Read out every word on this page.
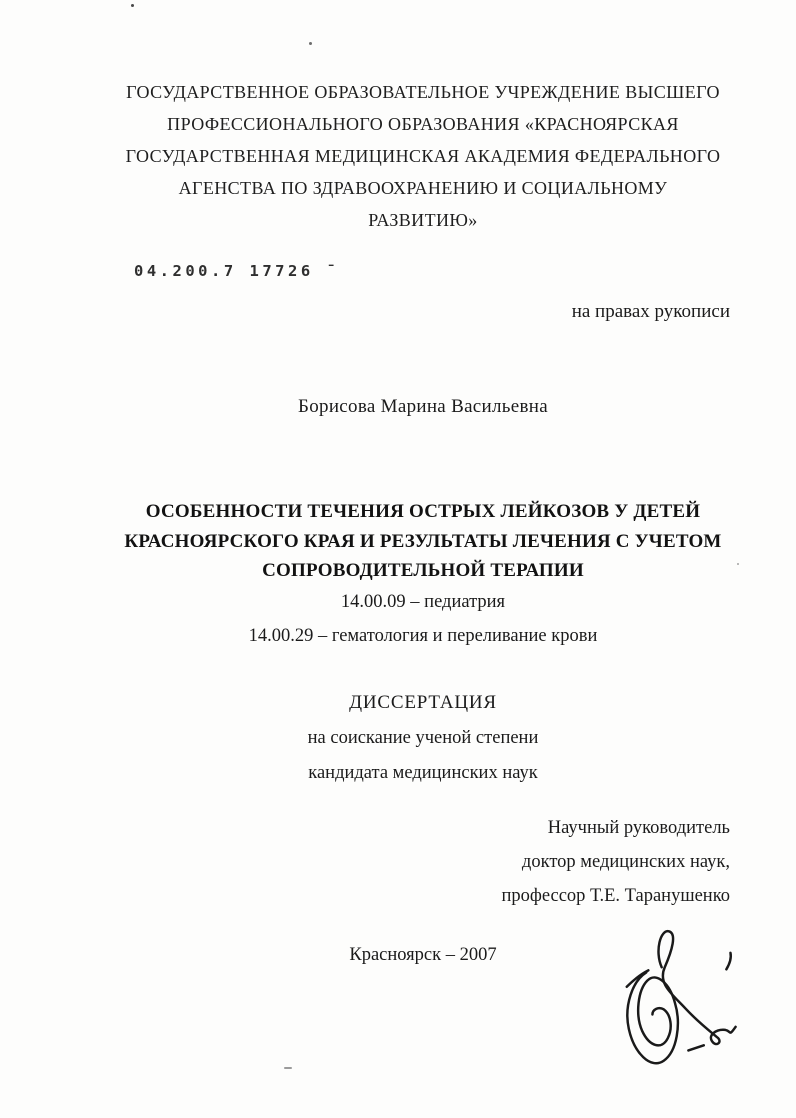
ГОСУДАРСТВЕННОЕ ОБРАЗОВАТЕЛЬНОЕ УЧРЕЖДЕНИЕ ВЫСШЕГО
ПРОФЕССИОНАЛЬНОГО ОБРАЗОВАНИЯ «КРАСНОЯРСКАЯ
ГОСУДАРСТВЕННАЯ МЕДИЦИНСКАЯ АКАДЕМИЯ ФЕДЕРАЛЬНОГО
АГЕНСТВА ПО ЗДРАВООХРАНЕНИЮ И СОЦИАЛЬНОМУ
РАЗВИТИЮ»
04.200.7 17726 ¯
на правах рукописи
Борисова Марина Васильевна
ОСОБЕННОСТИ ТЕЧЕНИЯ ОСТРЫХ ЛЕЙКОЗОВ У ДЕТЕЙ
КРАСНОЯРСКОГО КРАЯ И РЕЗУЛЬТАТЫ ЛЕЧЕНИЯ С УЧЕТОМ
СОПРОВОДИТЕЛЬНОЙ ТЕРАПИИ
14.00.09 – педиатрия
14.00.29 – гематология и переливание крови
ДИССЕРТАЦИЯ
на соискание ученой степени
кандидата медицинских наук
Научный руководитель
доктор медицинских наук,
профессор Т.Е. Таранушенко
Красноярск – 2007
